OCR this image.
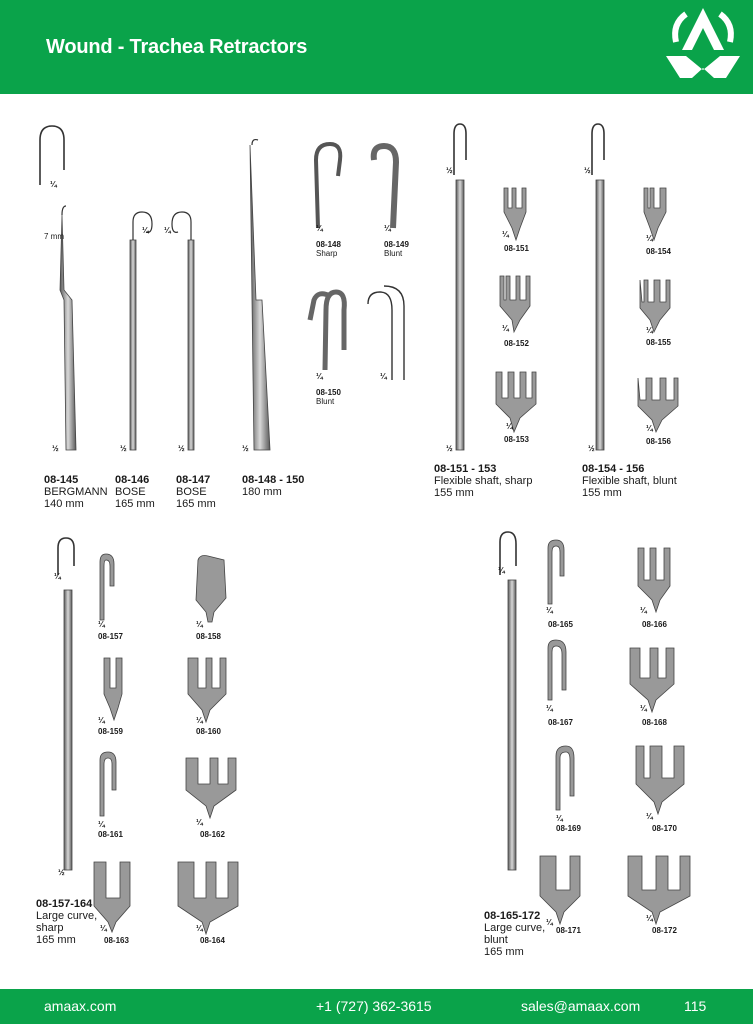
Wound - Trachea Retractors
¼
¼ ¼
½	½	½	½
¼	¼
¼	¼
½
½
½
½
¼
¼
¼
¼
¼
¼
¼
½
¼	¼
¼	¼
¼	¼
¼	¼
¼
¼	¼
¼	¼
¼	¼
¼	¼
7 mm
08-148
Sharp
08-149
Blunt
08-150
Blunt
08-151
08-152
08-153
08-154
08-155
08-156
08-157	08-158
08-159	08-160
08-161	08-162
08-163	08-164
08-165	08-166
08-167	08-168
08-169	08-170
08-171	08-172
08-145
BERGMANN
140 mm
08-146
BOSE
165 mm
08-147
BOSE
165 mm
08-148 - 150
180 mm
08-151 - 153
Flexible shaft, sharp
155 mm
08-154 - 156
Flexible shaft, blunt
155 mm
08-157-164
Large curve,
sharp
165 mm
08-165-172
Large curve,
blunt
165 mm
amaax.com	+1 (727) 362-3615	sales@amaax.com	115
